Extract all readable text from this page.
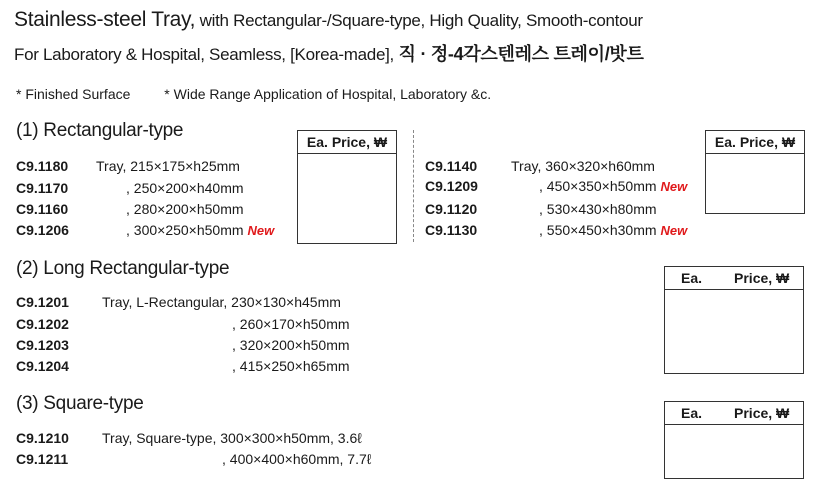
Stainless-steel Tray, with Rectangular-/Square-type, High Quality, Smooth-contour
For Laboratory & Hospital, Seamless, [Korea-made], 직 · 정-4각스텐레스 트레이/밧트
* Finished Surface * Wide Range Application of Hospital, Laboratory &c.
(1) Rectangular-type
Ea. Price, ₩	Ea. Price, ₩
C9.1180 Tray, 215×175×h25mm
C9.1170	, 250×200×h40mm
C9.1160	, 280×200×h50mm
C9.1206	, 300×250×h50mm New
C9.1140 Tray, 360×320×h60mm
C9.1209	, 450×350×h50mm New
C9.1120	, 530×430×h80mm
C9.1130	, 550×450×h30mm New
(2) Long Rectangular-type	Ea. Price, ₩
C9.1201 Tray, L-Rectangular, 230×130×h45mm
C9.1202	, 260×170×h50mm
C9.1203	, 320×200×h50mm
C9.1204	, 415×250×h65mm
(3) Square-type	Ea. Price, ₩
C9.1210 Tray, Square-type, 300×300×h50mm, 3.6ℓ
C9.1211	, 400×400×h60mm, 7.7ℓ
